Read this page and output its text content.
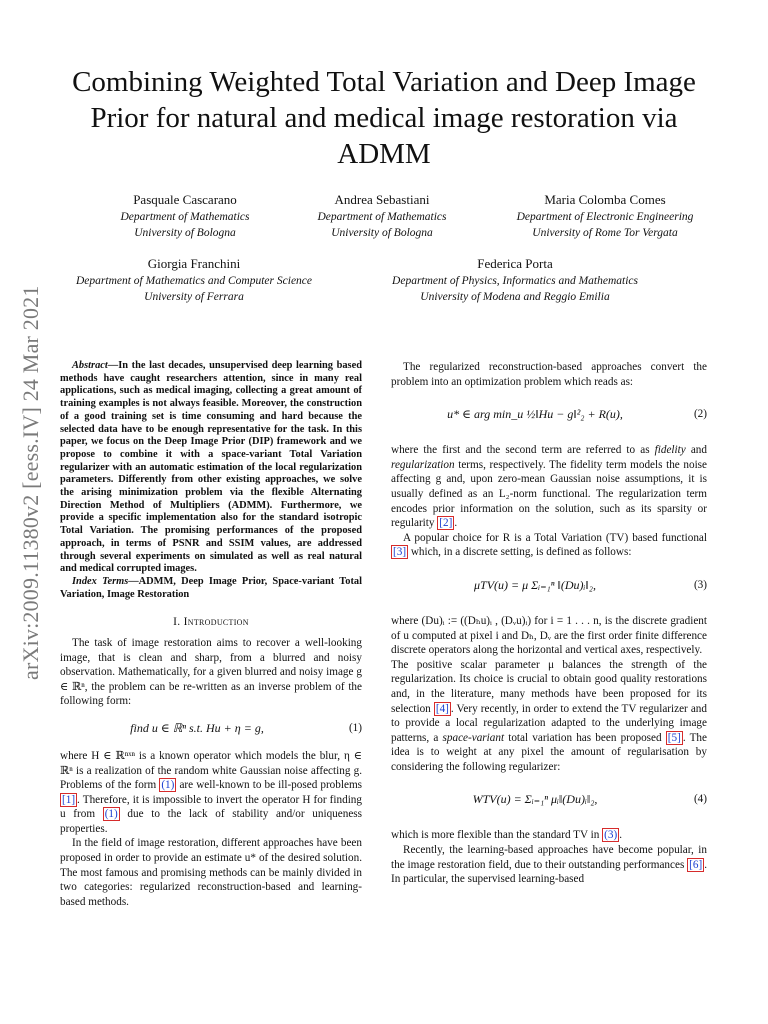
arXiv:2009.11380v2 [eess.IV] 24 Mar 2021
Combining Weighted Total Variation and Deep Image Prior for natural and medical image restoration via ADMM
Pasquale Cascarano
Department of Mathematics
University of Bologna
Andrea Sebastiani
Department of Mathematics
University of Bologna
Maria Colomba Comes
Department of Electronic Engineering
University of Rome Tor Vergata
Giorgia Franchini
Department of Mathematics and Computer Science
University of Ferrara
Federica Porta
Department of Physics, Informatics and Mathematics
University of Modena and Reggio Emilia

Abstract—In the last decades, unsupervised deep learning based methods have caught researchers attention, since in many real applications, such as medical imaging, collecting a great amount of training examples is not always feasible. Moreover, the construction of a good training set is time consuming and hard because the selected data have to be enough representative for the task. In this paper, we focus on the Deep Image Prior (DIP) framework and we propose to combine it with a space-variant Total Variation regularizer with an automatic estimation of the local regularization parameters. Differently from other existing approaches, we solve the arising minimization problem via the flexible Alternating Direction Method of Multipliers (ADMM). Furthermore, we provide a specific implementation also for the standard isotropic Total Variation. The promising performances of the proposed approach, in terms of PSNR and SSIM values, are addressed through several experiments on simulated as well as real natural and medical corrupted images.

Index Terms—ADMM, Deep Image Prior, Space-variant Total Variation, Image Restoration

I. Introduction

The task of image restoration aims to recover a well-looking image, that is clean and sharp, from a blurred and noisy observation. Mathematically, for a given blurred and noisy image g ∈ ℝⁿ, the problem can be re-written as an inverse problem of the following form:

find u ∈ ℝⁿ s.t. Hu + η = g,	(1)

where H ∈ ℝⁿˣⁿ is a known operator which models the blur, η ∈ ℝⁿ is a realization of the random white Gaussian noise affecting g. Problems of the form (1) are well-known to be ill-posed problems [1] . Therefore, it is impossible to invert the operator H for finding u from (1) due to the lack of stability and/or uniqueness properties.

In the field of image restoration, different approaches have been proposed in order to provide an estimate u* of the desired solution. The most famous and promising methods can be mainly divided in two categories: regularized reconstruction-based and learning-based methods.

The regularized reconstruction-based approaches convert the problem into an optimization problem which reads as:

u* ∈ arg min_u ½‖Hu − g‖²₂ + R(u),	(2)

where the first and the second term are referred to as fidelity and regularization terms, respectively. The fidelity term models the noise affecting g and, upon zero-mean Gaussian noise assumptions, it is usually defined as an L₂-norm functional. The regularization term encodes prior information on the solution, such as its sparsity or regularity [2] .

A popular choice for R is a Total Variation (TV) based functional [3] which, in a discrete setting, is defined as follows:

μTV(u) = μ Σᵢ₌₁ⁿ ‖(Du)ᵢ‖₂,	(3)

where (Du)ᵢ := ((Dₕu)ᵢ , (Dᵥu)ᵢ) for i = 1 . . . n, is the discrete gradient of u computed at pixel i and Dₕ, Dᵥ are the first order finite difference discrete operators along the horizontal and vertical axes, respectively.

The positive scalar parameter μ balances the strength of the regularization. Its choice is crucial to obtain good quality restorations and, in the literature, many methods have been proposed for its selection [4] . Very recently, in order to extend the TV regularizer and to provide a local regularization adapted to the underlying image patterns, a space-variant total variation has been proposed [5] . The idea is to weight at any pixel the amount of regularisation by considering the following regularizer:

WTV(u) = Σᵢ₌₁ⁿ μᵢ‖(Du)ᵢ‖₂,	(4)

which is more flexible than the standard TV in (3) .

Recently, the learning-based approaches have become popular, in the image restoration field, due to their outstanding performances [6] . In particular, the supervised learning-based
